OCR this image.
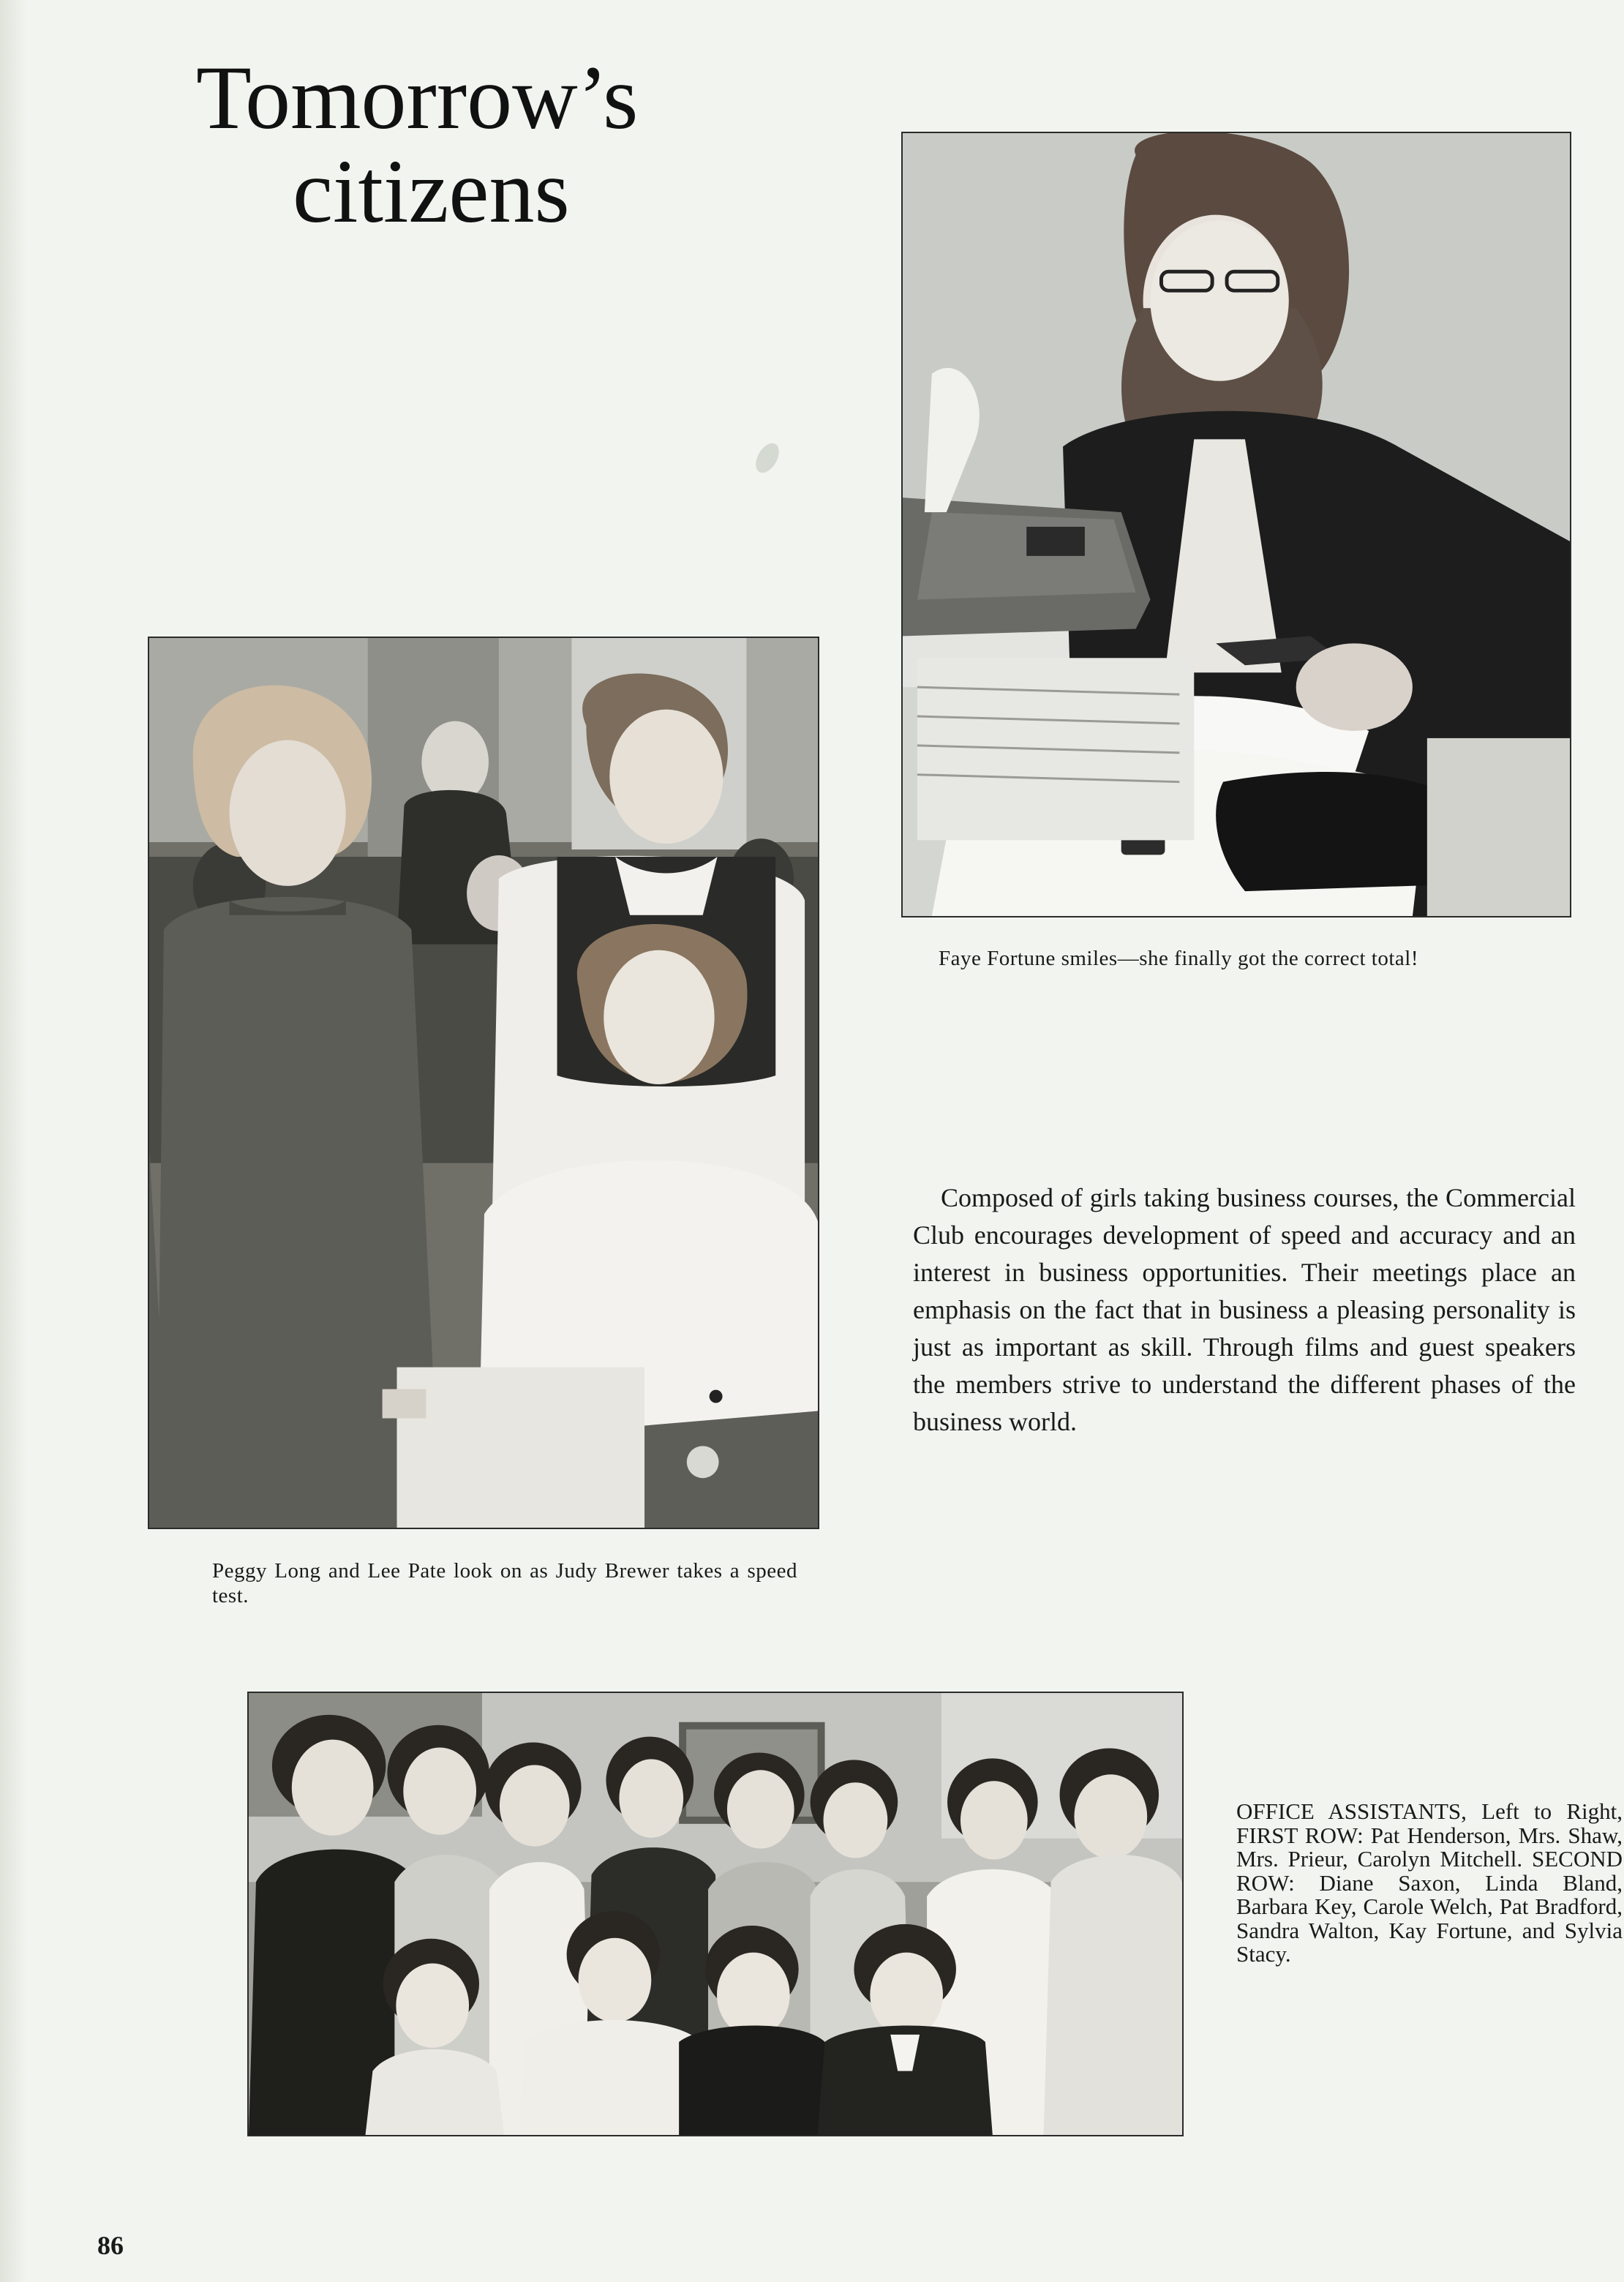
Tomorrow’s
citizens
Faye Fortune smiles—she finally got the correct total!
Peggy Long and Lee Pate look on as Judy Brewer takes a speed test.
Composed of girls taking business courses, the Commercial Club encourages development of speed and accuracy and an interest in business opportunities. Their meetings place an emphasis on the fact that in business a pleasing personality is just as important as skill. Through films and guest speakers the members strive to understand the different phases of the business world.
OFFICE ASSISTANTS, Left to Right, FIRST ROW: Pat Henderson, Mrs. Shaw, Mrs. Prieur, Carolyn Mitchell. SECOND ROW: Diane Saxon, Linda Bland, Barbara Key, Carole Welch, Pat Bradford, Sandra Walton, Kay Fortune, and Sylvia Stacy.
86
